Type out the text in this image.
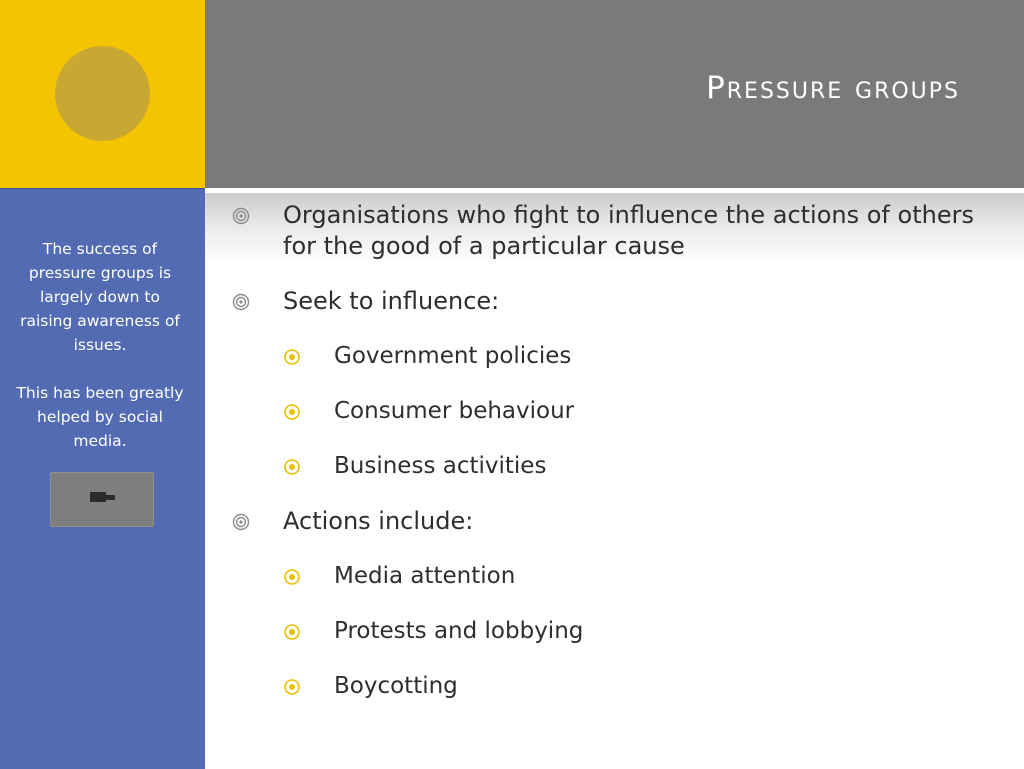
Pressure groups

The success of pressure groups is largely down to raising awareness of issues.

This has been greatly helped by social media.

Organisations who fight to influence the actions of others for the good of a particular cause
Seek to influence:
Government policies
Consumer behaviour
Business activities
Actions include:
Media attention
Protests and lobbying
Boycotting
